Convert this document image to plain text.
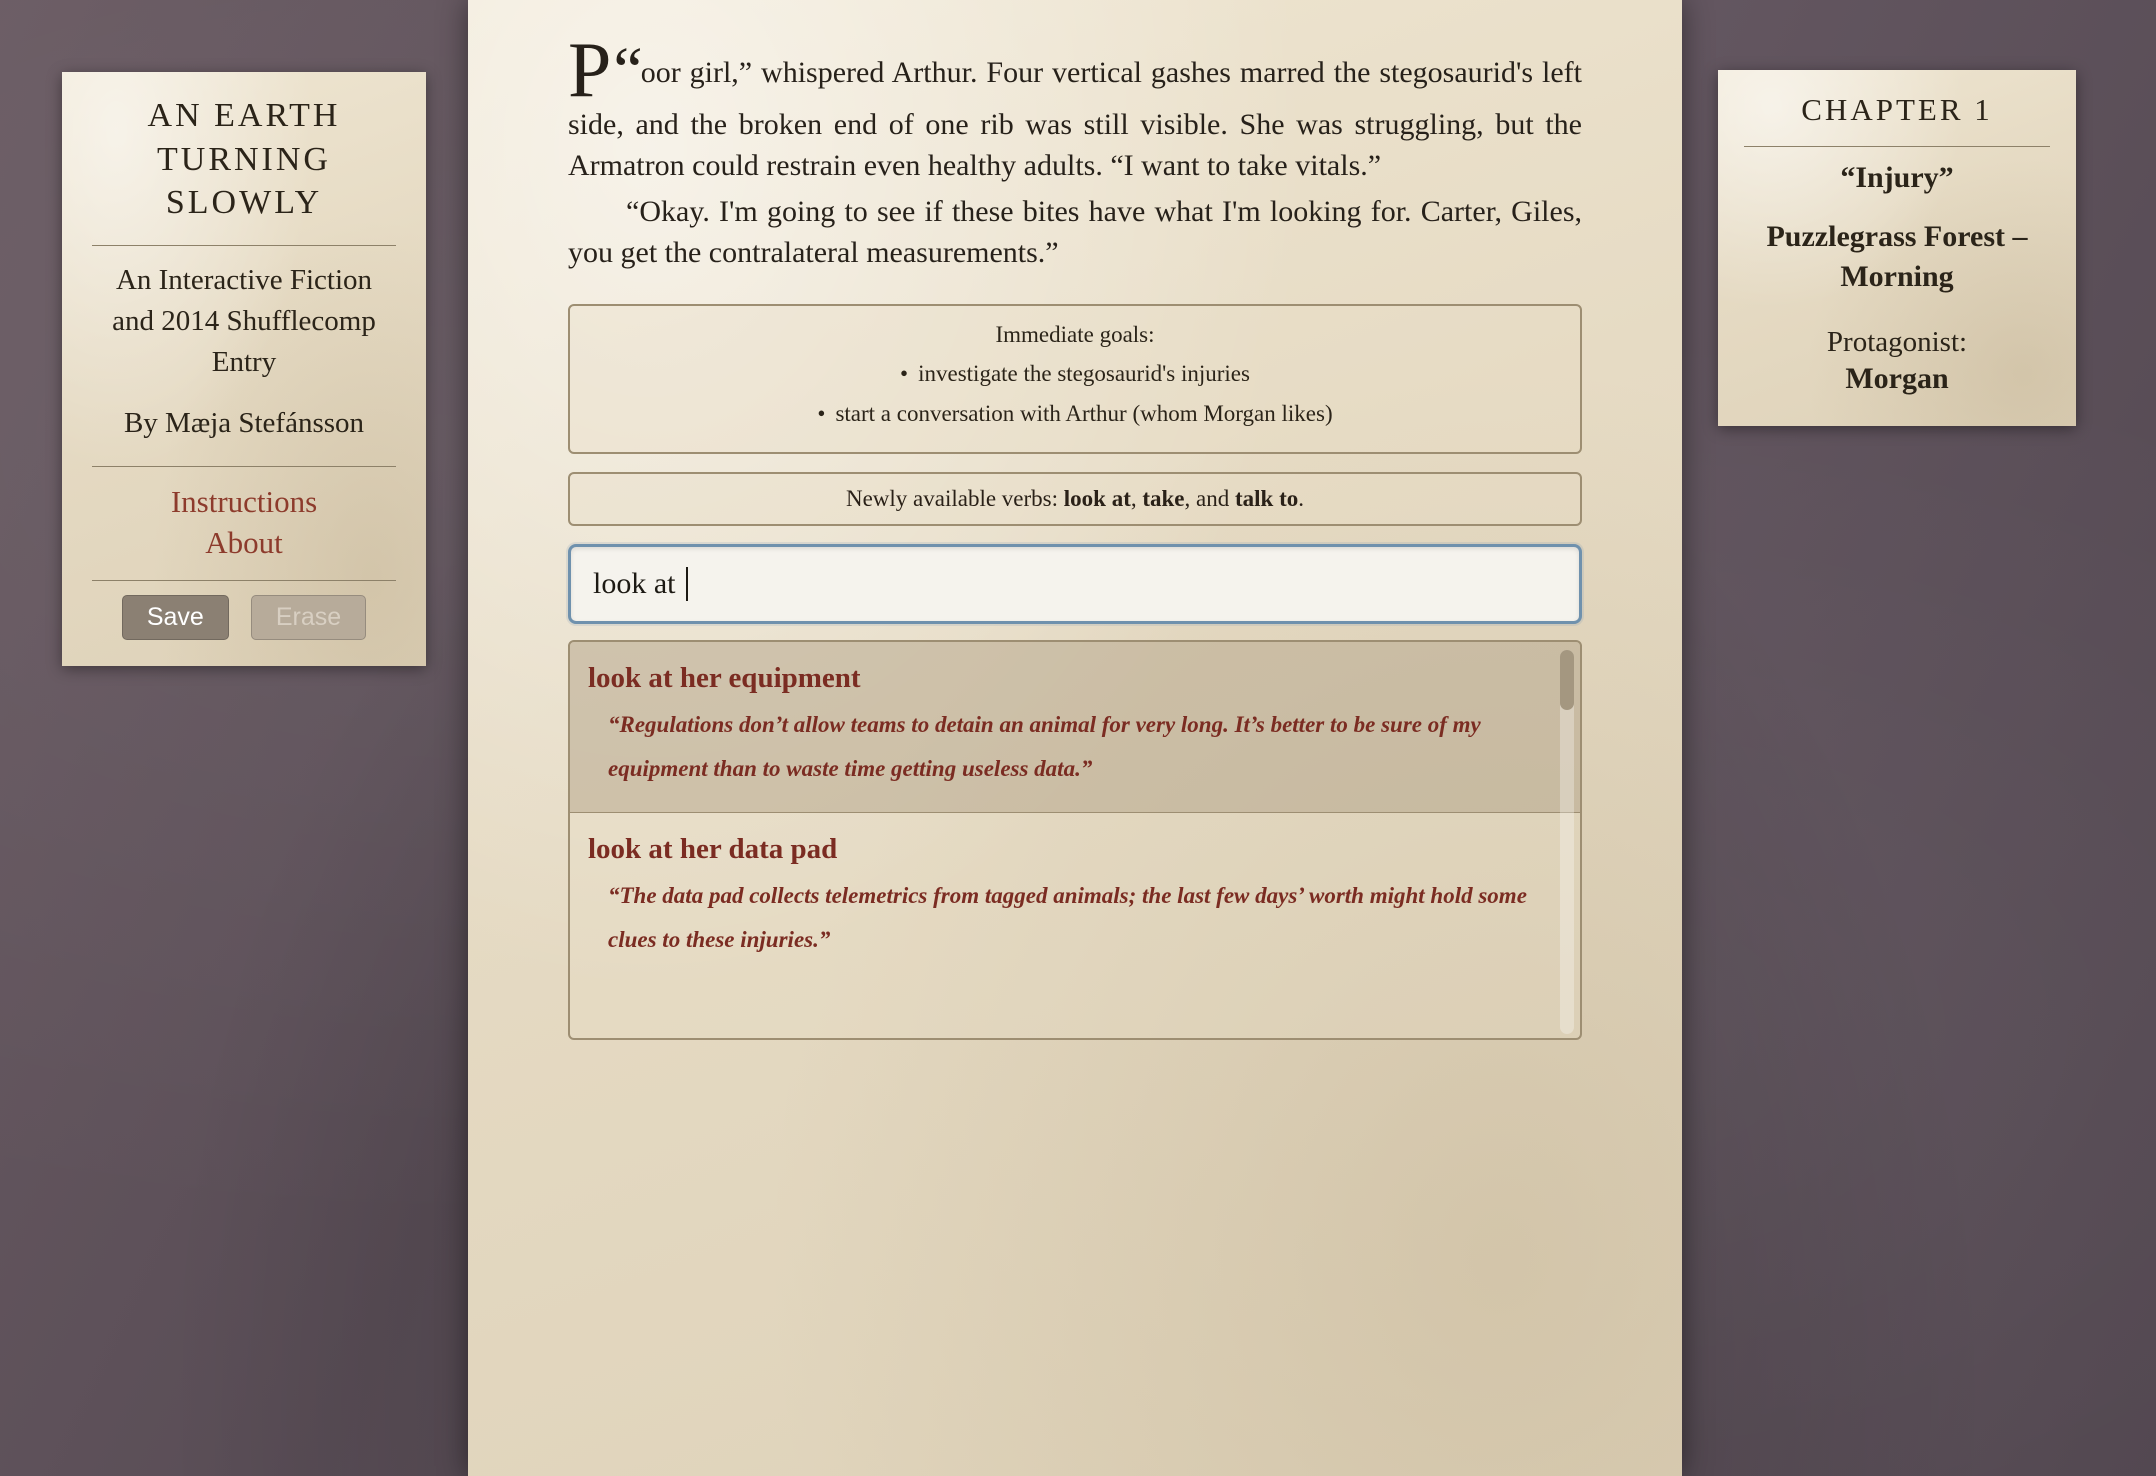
AN EARTH TURNING SLOWLY
An Interactive Fiction and 2014 Shufflecomp Entry
By Mæja Stefánsson
Instructions
About
Save	Erase

“
P oor girl,” whispered Arthur. Four vertical gashes marred the stegosaurid's left side, and the broken end of one rib was still visible. She was struggling, but the Armatron could restrain even healthy adults. “I want to take vitals.”

“Okay. I'm going to see if these bites have what I'm looking for. Carter, Giles, you get the contralateral measurements.”

Immediate goals:
• investigate the stegosaurid's injuries
• start a conversation with Arthur (whom Morgan likes)
Newly available verbs: look at, take, and talk to.
look at
look at her equipment
“Regulations don’t allow teams to detain an animal for very long. It’s better to be sure of my equipment than to waste time getting useless data.”
look at her data pad
“The data pad collects telemetrics from tagged animals; the last few days’ worth might hold some clues to these injuries.”
CHAPTER 1
“Injury”
Puzzlegrass Forest – Morning
Protagonist:
Morgan
